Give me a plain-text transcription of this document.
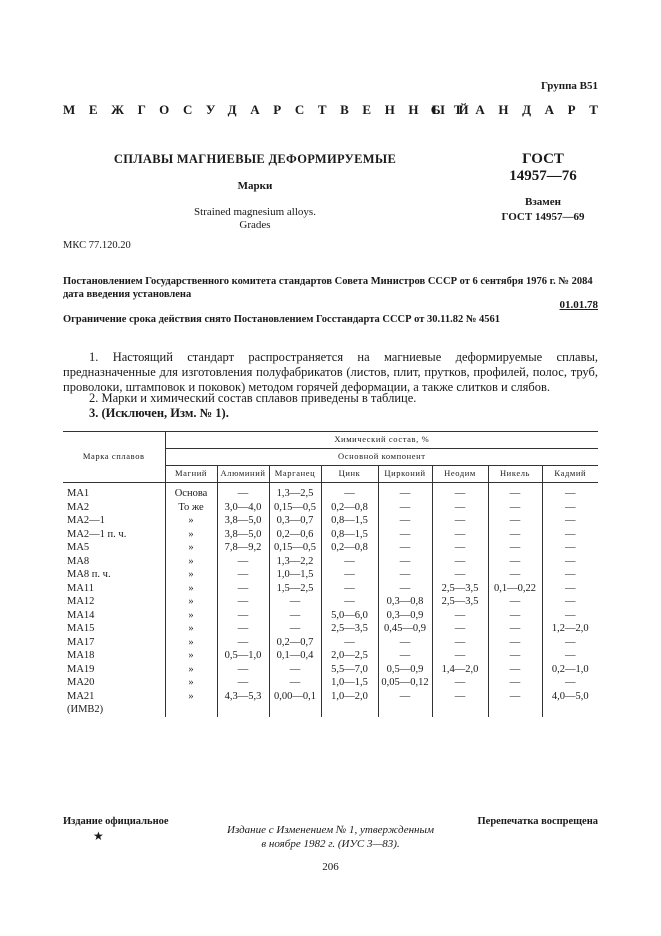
Группа В51
МЕЖГОСУДАРСТВЕННЫЙ
СТАНДАРТ
СПЛАВЫ МАГНИЕВЫЕ ДЕФОРМИРУЕМЫЕ
Марки
Strained magnesium alloys.
Grades
ГОСТ
14957—76
Взамен
ГОСТ 14957—69
МКС 77.120.20
Постановлением Государственного комитета стандартов Совета Министров СССР от 6 сентября 1976 г. № 2084
дата введения установлена
01.01.78
Ограничение срока действия снято Постановлением Госстандарта СССР от 30.11.82 № 4561
1. Настоящий стандарт распространяется на магниевые деформируемые сплавы, предназначенные для изготовления полуфабрикатов (листов, плит, прутков, профилей, полос, труб, проволоки, штамповок и поковок) методом горячей деформации, а также слитков и слябов.
2. Марки и химический состав сплавов приведены в таблице.
3. (Исключен, Изм. № 1).
Марка сплавов	Химический состав, %							
	Основной компонент							
	Магний	Алюминий	Марганец	Цинк	Цирконий	Неодим	Никель	Кадмий
МА1	Основа	—	1,3—2,5	—	—	—	—	—
МА2	То же	3,0—4,0	0,15—0,5	0,2—0,8	—	—	—	—
МА2—1	»	3,8—5,0	0,3—0,7	0,8—1,5	—	—	—	—
МА2—1 п. ч.	»	3,8—5,0	0,2—0,6	0,8—1,5	—	—	—	—
МА5	»	7,8—9,2	0,15—0,5	0,2—0,8	—	—	—	—
МА8	»	—	1,3—2,2	—	—	—	—	—
МА8 п. ч.	»	—	1,0—1,5	—	—	—	—	—
МА11	»	—	1,5—2,5	—	—	2,5—3,5	0,1—0,22	—
МА12	»	—	—	—	0,3—0,8	2,5—3,5	—	—
МА14	»	—	—	5,0—6,0	0,3—0,9	—	—	—
МА15	»	—	—	2,5—3,5	0,45—0,9	—	—	1,2—2,0
МА17	»	—	0,2—0,7	—	—	—	—	—
МА18	»	0,5—1,0	0,1—0,4	2,0—2,5	—	—	—	—
МА19	»	—	—	5,5—7,0	0,5—0,9	1,4—2,0	—	0,2—1,0
МА20	»	—	—	1,0—1,5	0,05—0,12	—	—	—
МА21	»	4,3—5,3	0,00—0,1	1,0—2,0	—	—	—	4,0—5,0
(ИМВ2)								
Издание официальное
★
Перепечатка воспрещена
Издание с Изменением № 1, утвержденным
в ноябре 1982 г. (ИУС 3—83).
206
